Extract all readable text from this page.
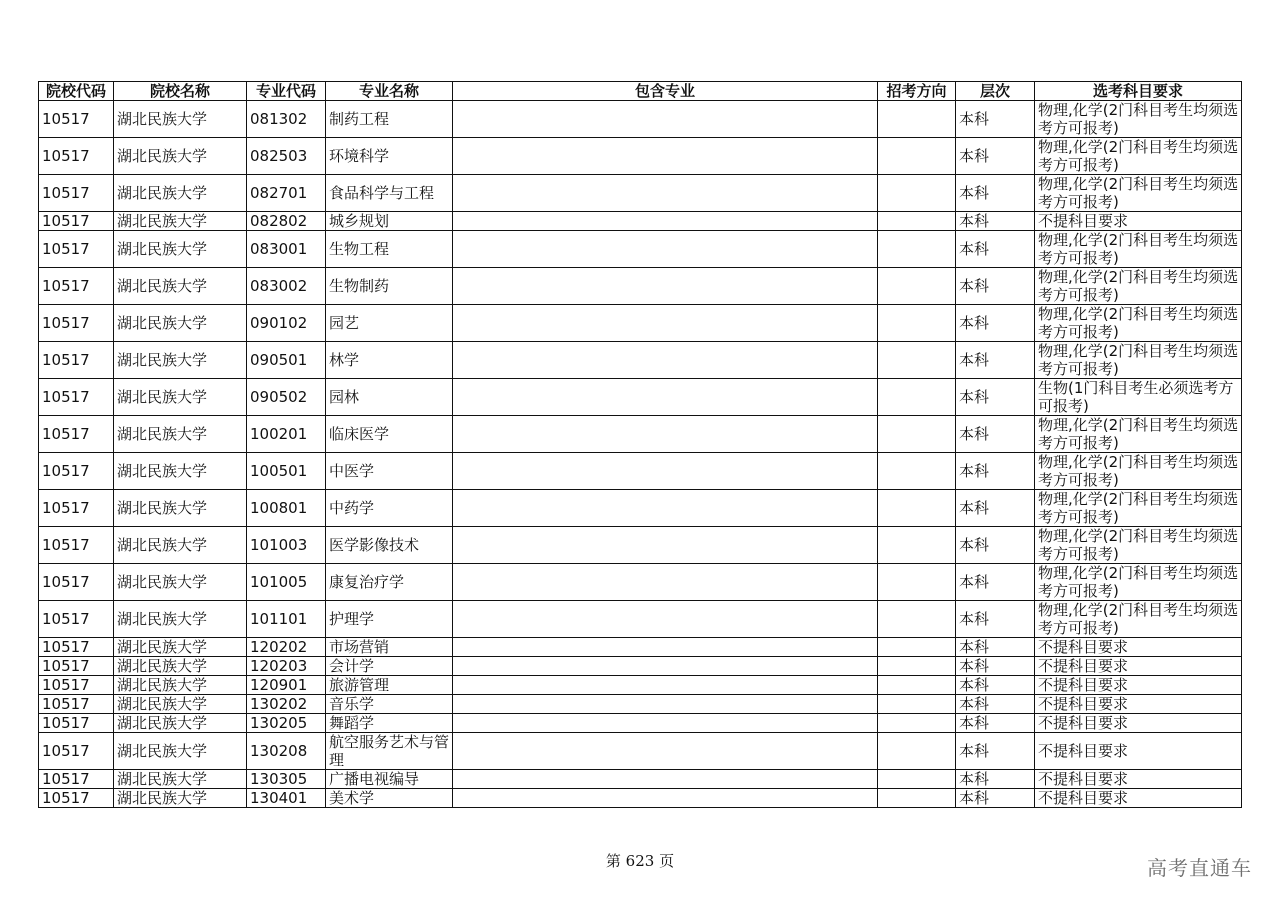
院校代码	院校名称	专业代码	专业名称	包含专业	招考方向	层次	选考科目要求
10517	湖北民族大学	081302	制药工程			本科	物理,化学(2门科目考生均须选考方可报考)
10517	湖北民族大学	082503	环境科学			本科	物理,化学(2门科目考生均须选考方可报考)
10517	湖北民族大学	082701	食品科学与工程			本科	物理,化学(2门科目考生均须选考方可报考)
10517	湖北民族大学	082802	城乡规划			本科	不提科目要求
10517	湖北民族大学	083001	生物工程			本科	物理,化学(2门科目考生均须选考方可报考)
10517	湖北民族大学	083002	生物制药			本科	物理,化学(2门科目考生均须选考方可报考)
10517	湖北民族大学	090102	园艺			本科	物理,化学(2门科目考生均须选考方可报考)
10517	湖北民族大学	090501	林学			本科	物理,化学(2门科目考生均须选考方可报考)
10517	湖北民族大学	090502	园林			本科	生物(1门科目考生必须选考方可报考)
10517	湖北民族大学	100201	临床医学			本科	物理,化学(2门科目考生均须选考方可报考)
10517	湖北民族大学	100501	中医学			本科	物理,化学(2门科目考生均须选考方可报考)
10517	湖北民族大学	100801	中药学			本科	物理,化学(2门科目考生均须选考方可报考)
10517	湖北民族大学	101003	医学影像技术			本科	物理,化学(2门科目考生均须选考方可报考)
10517	湖北民族大学	101005	康复治疗学			本科	物理,化学(2门科目考生均须选考方可报考)
10517	湖北民族大学	101101	护理学			本科	物理,化学(2门科目考生均须选考方可报考)
10517	湖北民族大学	120202	市场营销			本科	不提科目要求
10517	湖北民族大学	120203	会计学			本科	不提科目要求
10517	湖北民族大学	120901	旅游管理			本科	不提科目要求
10517	湖北民族大学	130202	音乐学			本科	不提科目要求
10517	湖北民族大学	130205	舞蹈学			本科	不提科目要求
10517	湖北民族大学	130208	航空服务艺术与管理			本科	不提科目要求
10517	湖北民族大学	130305	广播电视编导			本科	不提科目要求
10517	湖北民族大学	130401	美术学			本科	不提科目要求
第 623 页	高考直通车
